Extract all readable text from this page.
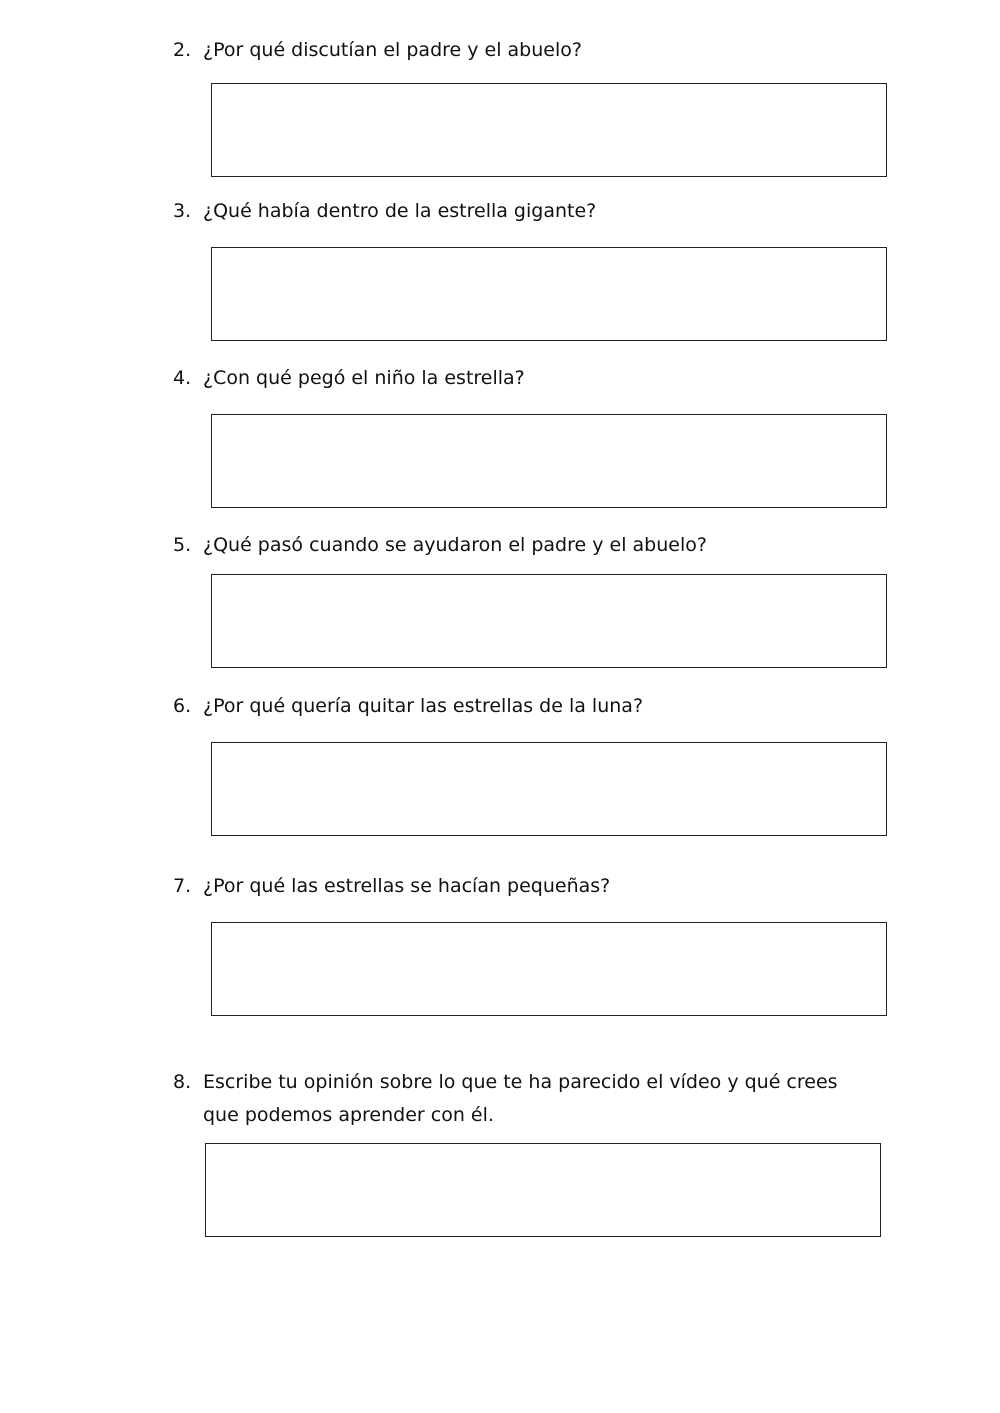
2. ¿Por qué discutían el padre y el abuelo?
3. ¿Qué había dentro de la estrella gigante?
4. ¿Con qué pegó el niño la estrella?
5. ¿Qué pasó cuando se ayudaron el padre y el abuelo?
6. ¿Por qué quería quitar las estrellas de la luna?
7. ¿Por qué las estrellas se hacían pequeñas?
8. Escribe tu opinión sobre lo que te ha parecido el vídeo y qué crees que podemos aprender con él.
